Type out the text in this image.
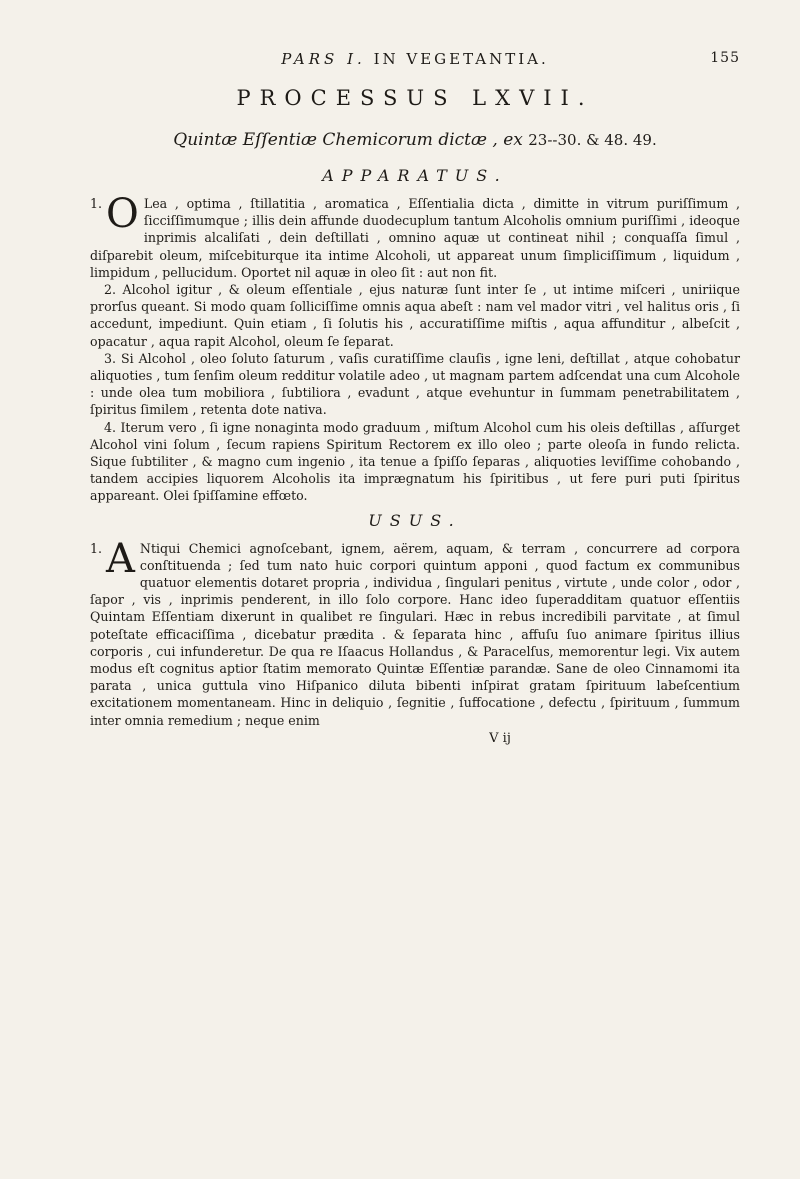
PARS I. IN VEGETANTIA.	155
PROCESSUS LXVII.
Quintæ Eſſentiæ Chemicorum dictæ , ex 23--30. & 48. 49.
APPARATUS.

1. O Lea , optima , ſtillatitia , aromatica , Eſſentialia dicta , dimitte in vitrum puriſſimum , ſicciſſimumque ; illis dein affunde duodecuplum tantum Alcoholis omnium puriſſimi , ideoque inprimis alcaliſati , dein deſtillati , omnino aquæ ut contineat nihil ; conquaſſa ſimul , diſparebit oleum, miſcebiturque ita intime Alcoholi, ut appareat unum ſimpliciſſimum , liquidum , limpidum , pellucidum. Oportet nil aquæ in oleo ſit : aut non fit.

2. Alcohol igitur , & oleum eſſentiale , ejus naturæ ſunt inter ſe , ut intime miſceri , uniriique prorſus queant. Si modo quam ſolliciſſime omnis aqua abeſt : nam vel mador vitri , vel halitus oris , ſi accedunt, impediunt. Quin etiam , ſi ſolutis his , accuratiſſime miſtis , aqua affunditur , albeſcit , opacatur , aqua rapit Alcohol, oleum ſe ſeparat.

3. Si Alcohol , oleo ſoluto ſaturum , vaſis curatiſſime clauſis , igne leni, deſtillat , atque cohobatur aliquoties , tum ſenſim oleum redditur volatile adeo , ut magnam partem adſcendat una cum Alcohole : unde olea tum mobiliora , ſubtiliora , evadunt , atque evehuntur in ſummam penetrabilitatem , ſpiritus ſimilem , retenta dote nativa.

4. Iterum vero , ſi igne nonaginta modo graduum , miſtum Alcohol cum his oleis deſtillas , aſſurget Alcohol vini ſolum , ſecum rapiens Spiritum Rectorem ex illo oleo ; parte oleoſa in fundo relicta. Sique ſubtiliter , & magno cum ingenio , ita tenue a ſpiſſo ſeparas , aliquoties leviſſime cohobando , tandem accipies liquorem Alcoholis ita imprægnatum his ſpiritibus , ut fere puri puti ſpiritus appareant. Olei ſpiſſamine effœto.

USUS.

1. A Ntiqui Chemici agnoſcebant, ignem, aërem, aquam, & terram , concurrere ad corpora conſtituenda ; ſed tum nato huic corpori quintum apponi , quod factum ex communibus quatuor elementis dotaret propria , individua , ſingulari penitus , virtute , unde color , odor , ſapor , vis , inprimis penderent, in illo ſolo corpore. Hanc ideo ſuperadditam quatuor eſſentiis Quintam Eſſentiam dixerunt in qualibet re ſingulari. Hæc in rebus incredibili parvitate , at ſimul poteſtate efficaciſſima , dicebatur prædita . & ſeparata hinc , affuſu ſuo animare ſpiritus illius corporis , cui infunderetur. De qua re Iſaacus Hollandus , & Paracelſus, memorentur legi. Vix autem modus eſt cognitus aptior ſtatim memorato Quintæ Eſſentiæ parandæ. Sane de oleo Cinnamomi ita parata , unica guttula vino Hiſpanico diluta bibenti inſpirat gratam ſpirituum labeſcentium excitationem momentaneam. Hinc in deliquio , ſegnitie , ſuffocatione , defectu , ſpirituum , ſummum inter omnia remedium ; neque enim

V ij
